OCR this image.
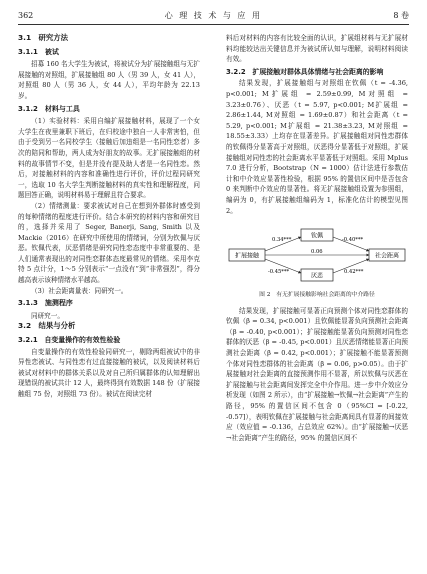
362	心 理 技 术 与 应 用	8 卷
3.1　研究方法
3.1.1　被试

招募 160 名大学生为被试，将被试分为扩展接触组与无扩展接触的对照组，扩展接触组 80 人（男 39 人，女 41 人），对照组 80 人（男 36 人，女 44 人），平均年龄为 22.13 岁。

3.1.2　材料与工具

（1）实验材料：采用自编扩展接触材料，展现了一个女大学生在夜里兼职下班后，在归校途中独自一人非常害怕，但由于受到另一名同校学生（接触后加违组是一名同性恋者）多次的陪同和帮助，两人成为好朋友的故事。无扩展接触组的材料的故事情节不变，但是并没有提及助人者是一名同性恋。然后，对接触材料的内容和准确性进行评价，评价过程同研究一，选取 10 名大学生判断接触材料的真实性和理解程度，问题回答正确，说明材料易于理解且符合要求。

（2）情绪测量：要求被试对自己在想到外群体时感受到的每种情绪的程度进行评价。结合本研究的材料内容和研究目的，选择并采用了 Seger, Banerji, Sang, Smith 以及 Mackie（2016）在研究中所使用的情绪词，分别为钦佩与厌恶。钦佩代表，厌恶情绪是研究同性恋态度中非常重要的、是人们通常表现出的对同性恋群体态度最常见的情绪。采用李克特 5 点计分，1～5 分别表示“一点没有”到“非常强烈”，得分越高表示该种情绪水平越高。

（3）社会距离量表：同研究一。

3.1.3　施测程序

同研究一。

3.2　结果与分析
3.2.1　自变量操作的有效性检验

自变量操作的有效性检验同研究一，剔除两组被试中的非异性恋被试、与同性恋有过直接接触的被试，以及阅读材料后被试对材料中的群体关系以及对自己所归属群体的认知理解出现错误的被试共计 12 人，最终得到有效数据 148 份（扩展接触组 75 份，对照组 73 份）。被试在阅读完材

料后对材料的内容有比较全面的认识，扩展组材料与无扩展材料均能较达出关键信息并为被试所认知与理解，说明材料阅读有效。

3.2.2　扩展接触对群体具体情绪与社会距离的影响

结果发现，扩展接触组与对照组在钦佩（t = -4.36, p<0.001; M扩展组 = 2.59±0.99, M对照组 = 3.23±0.76）、厌恶（t = 5.97, p<0.001; M扩展组 = 2.86±1.44, M对照组 = 1.69±0.87）和社会距离（t = 5.29, p<0.001; M扩展组 = 21.38±3.23, M对照组 = 18.55±3.33）上均存在显著差异。扩展接触组对同性恋群体的钦佩得分显著高于对照组，厌恶得分显著低于对照组，扩展接触组对同性恋的社会距离水平显著低于对照组。采用 Mplus 7.0 进行分析，Bootstrap（N = 1000）估计法进行参数估计和中介效应显著性检验，根据 95% 的置信区间中是否包含 0 来判断中介效应的显著性。将无扩展接触组设置为参照组，编码为 0，有扩展接触组编码为 1，标准化估计的模型见图 2。

扩展接触
钦佩
厌恶
社会距离
0.34***	-0.40***
-0.45***	0.42***
0.06
图 2　有无扩展接触影响社会距离的中介路径

结果发现，扩展接触可显著正向预测个体对同性恋群体的钦佩（β = 0.34, p<0.001）且钦佩能显著负向预测社会距离（β = -0.40, p<0.001）；扩展接触能显著负向预测对同性恋群体的厌恶（β = -0.45, p<0.001）且厌恶情绪能显著正向预测社会距离（β = 0.42, p<0.001）；扩展接触不能显著预测个体对同性恋群体的社会距离（β = 0.06, p>0.05）。由于扩展接触对社会距离的直接预测作用不显著，所以钦佩与厌恶在扩展接触与社会距离间发挥完全中介作用。进一步中介效应分析发现（如图 2 所示），由“扩展接触→钦佩→社会距离”产生的路径，95% 的置信区间不包含 0（95%CI = [-0.22, -0.57]），表明钦佩在扩展接触与社会距离间具有显著的间接效应（效应值 = -0.136，占总效应 62%）。由“扩展接触→厌恶→社会距离”产生的路径，95% 的置信区间不
